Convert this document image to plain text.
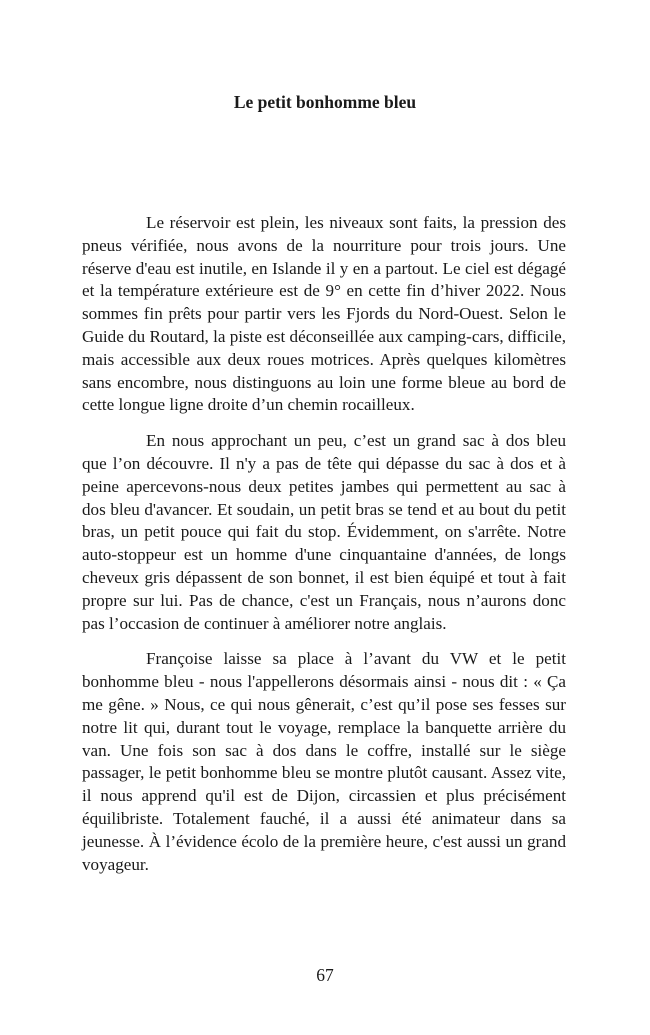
Le petit bonhomme bleu

Le réservoir est plein, les niveaux sont faits, la pression des pneus vérifiée, nous avons de la nourriture pour trois jours. Une réserve d'eau est inutile, en Islande il y en a partout. Le ciel est dégagé et la température extérieure est de 9° en cette fin d’hiver 2022. Nous sommes fin prêts pour partir vers les Fjords du Nord-Ouest. Selon le Guide du Routard, la piste est déconseillée aux camping-cars, difficile, mais accessible aux deux roues motrices. Après quelques kilomètres sans encombre, nous distinguons au loin une forme bleue au bord de cette longue ligne droite d’un chemin rocailleux.

En nous approchant un peu, c’est un grand sac à dos bleu que l’on découvre. Il n'y a pas de tête qui dépasse du sac à dos et à peine apercevons-nous deux petites jambes qui permettent au sac à dos bleu d'avancer. Et soudain, un petit bras se tend et au bout du petit bras, un petit pouce qui fait du stop. Évidemment, on s'arrête. Notre auto-stoppeur est un homme d'une cinquantaine d'années, de longs cheveux gris dépassent de son bonnet, il est bien équipé et tout à fait propre sur lui. Pas de chance, c'est un Français, nous n’aurons donc pas l’occasion de continuer à améliorer notre anglais.

Françoise laisse sa place à l’avant du VW et le petit bonhomme bleu - nous l'appellerons désormais ainsi - nous dit : « Ça me gêne. » Nous, ce qui nous gênerait, c’est qu’il pose ses fesses sur notre lit qui, durant tout le voyage, remplace la banquette arrière du van. Une fois son sac à dos dans le coffre, installé sur le siège passager, le petit bonhomme bleu se montre plutôt causant. Assez vite, il nous apprend qu'il est de Dijon, circassien et plus précisément équilibriste. Totalement fauché, il a aussi été animateur dans sa jeunesse. À l’évidence écolo de la première heure, c'est aussi un grand voyageur.

67
